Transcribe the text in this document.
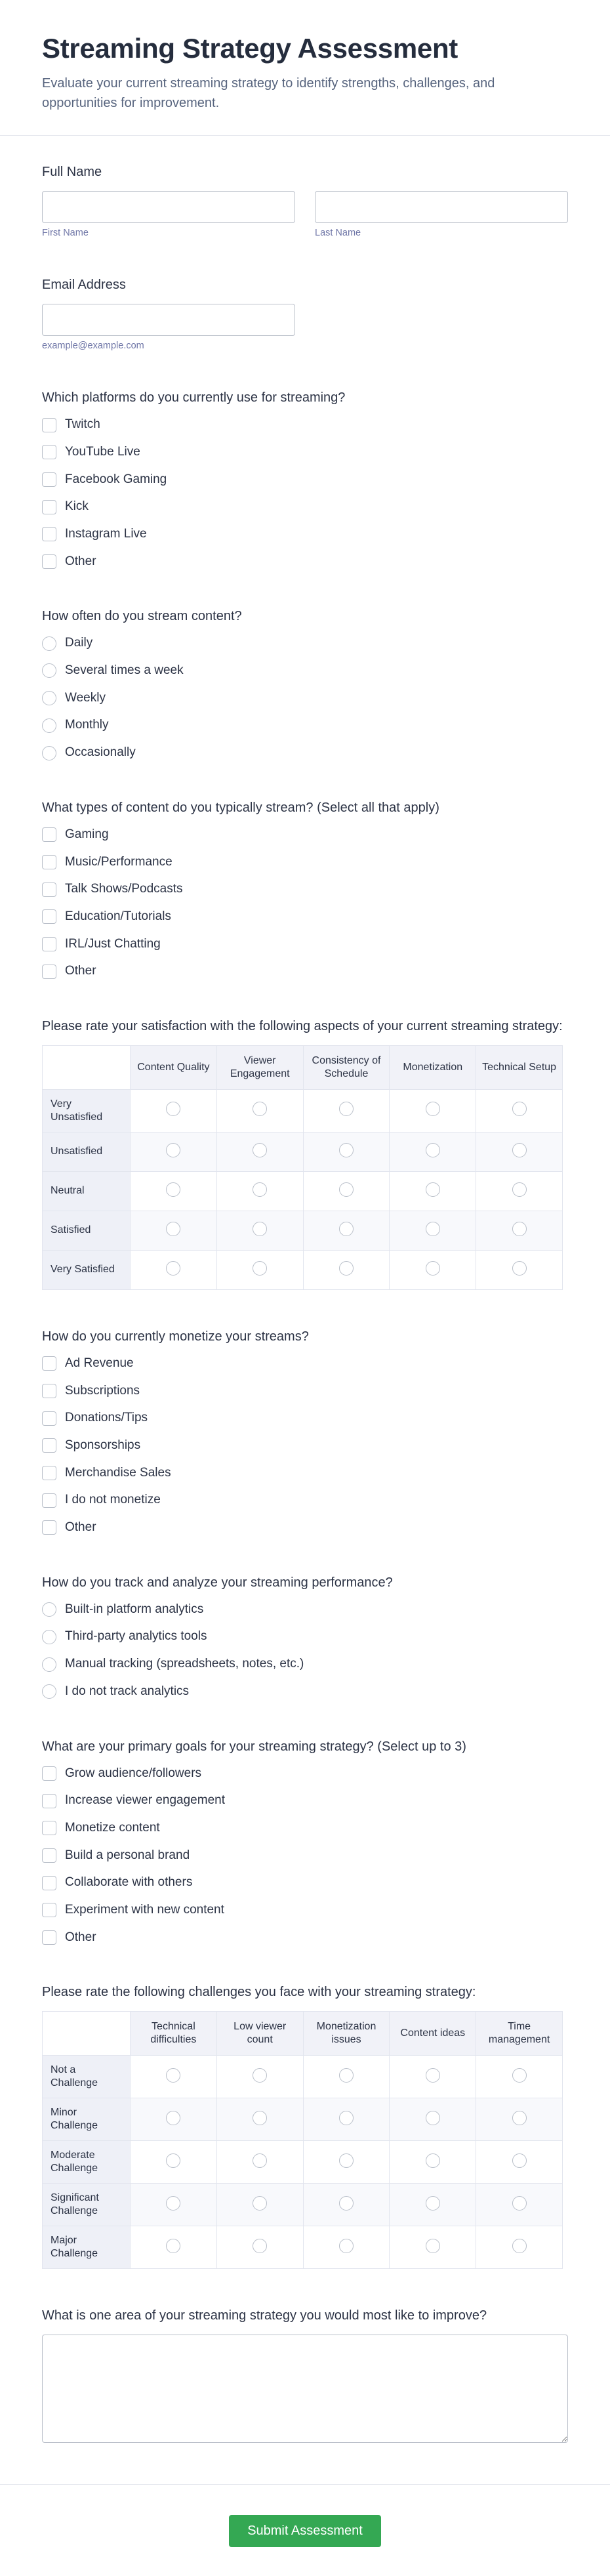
Streaming Strategy Assessment

Evaluate your current streaming strategy to identify strengths, challenges, and opportunities for improvement.

Full Name
First Name	Last Name
Email Address
example@example.com
Which platforms do you currently use for streaming?
Twitch
YouTube Live
Facebook Gaming
Kick
Instagram Live
Other
How often do you stream content?
Daily
Several times a week
Weekly
Monthly
Occasionally
What types of content do you typically stream? (Select all that apply)
Gaming
Music/Performance
Talk Shows/Podcasts
Education/Tutorials
IRL/Just Chatting
Other
Please rate your satisfaction with the following aspects of your current streaming strategy:
	Content Quality	Viewer Engagement	Consistency of Schedule	Monetization	Technical Setup
Very Unsatisfied					
Unsatisfied					
Neutral					
Satisfied					
Very Satisfied					
How do you currently monetize your streams?
Ad Revenue
Subscriptions
Donations/Tips
Sponsorships
Merchandise Sales
I do not monetize
Other
How do you track and analyze your streaming performance?
Built-in platform analytics
Third-party analytics tools
Manual tracking (spreadsheets, notes, etc.)
I do not track analytics
What are your primary goals for your streaming strategy? (Select up to 3)
Grow audience/followers
Increase viewer engagement
Monetize content
Build a personal brand
Collaborate with others
Experiment with new content
Other
Please rate the following challenges you face with your streaming strategy:
	Technical difficulties	Low viewer count	Monetization issues	Content ideas	Time management
Not a Challenge					
Minor Challenge					
Moderate Challenge					
Significant Challenge					
Major Challenge					
What is one area of your streaming strategy you would most like to improve?
Submit Assessment
